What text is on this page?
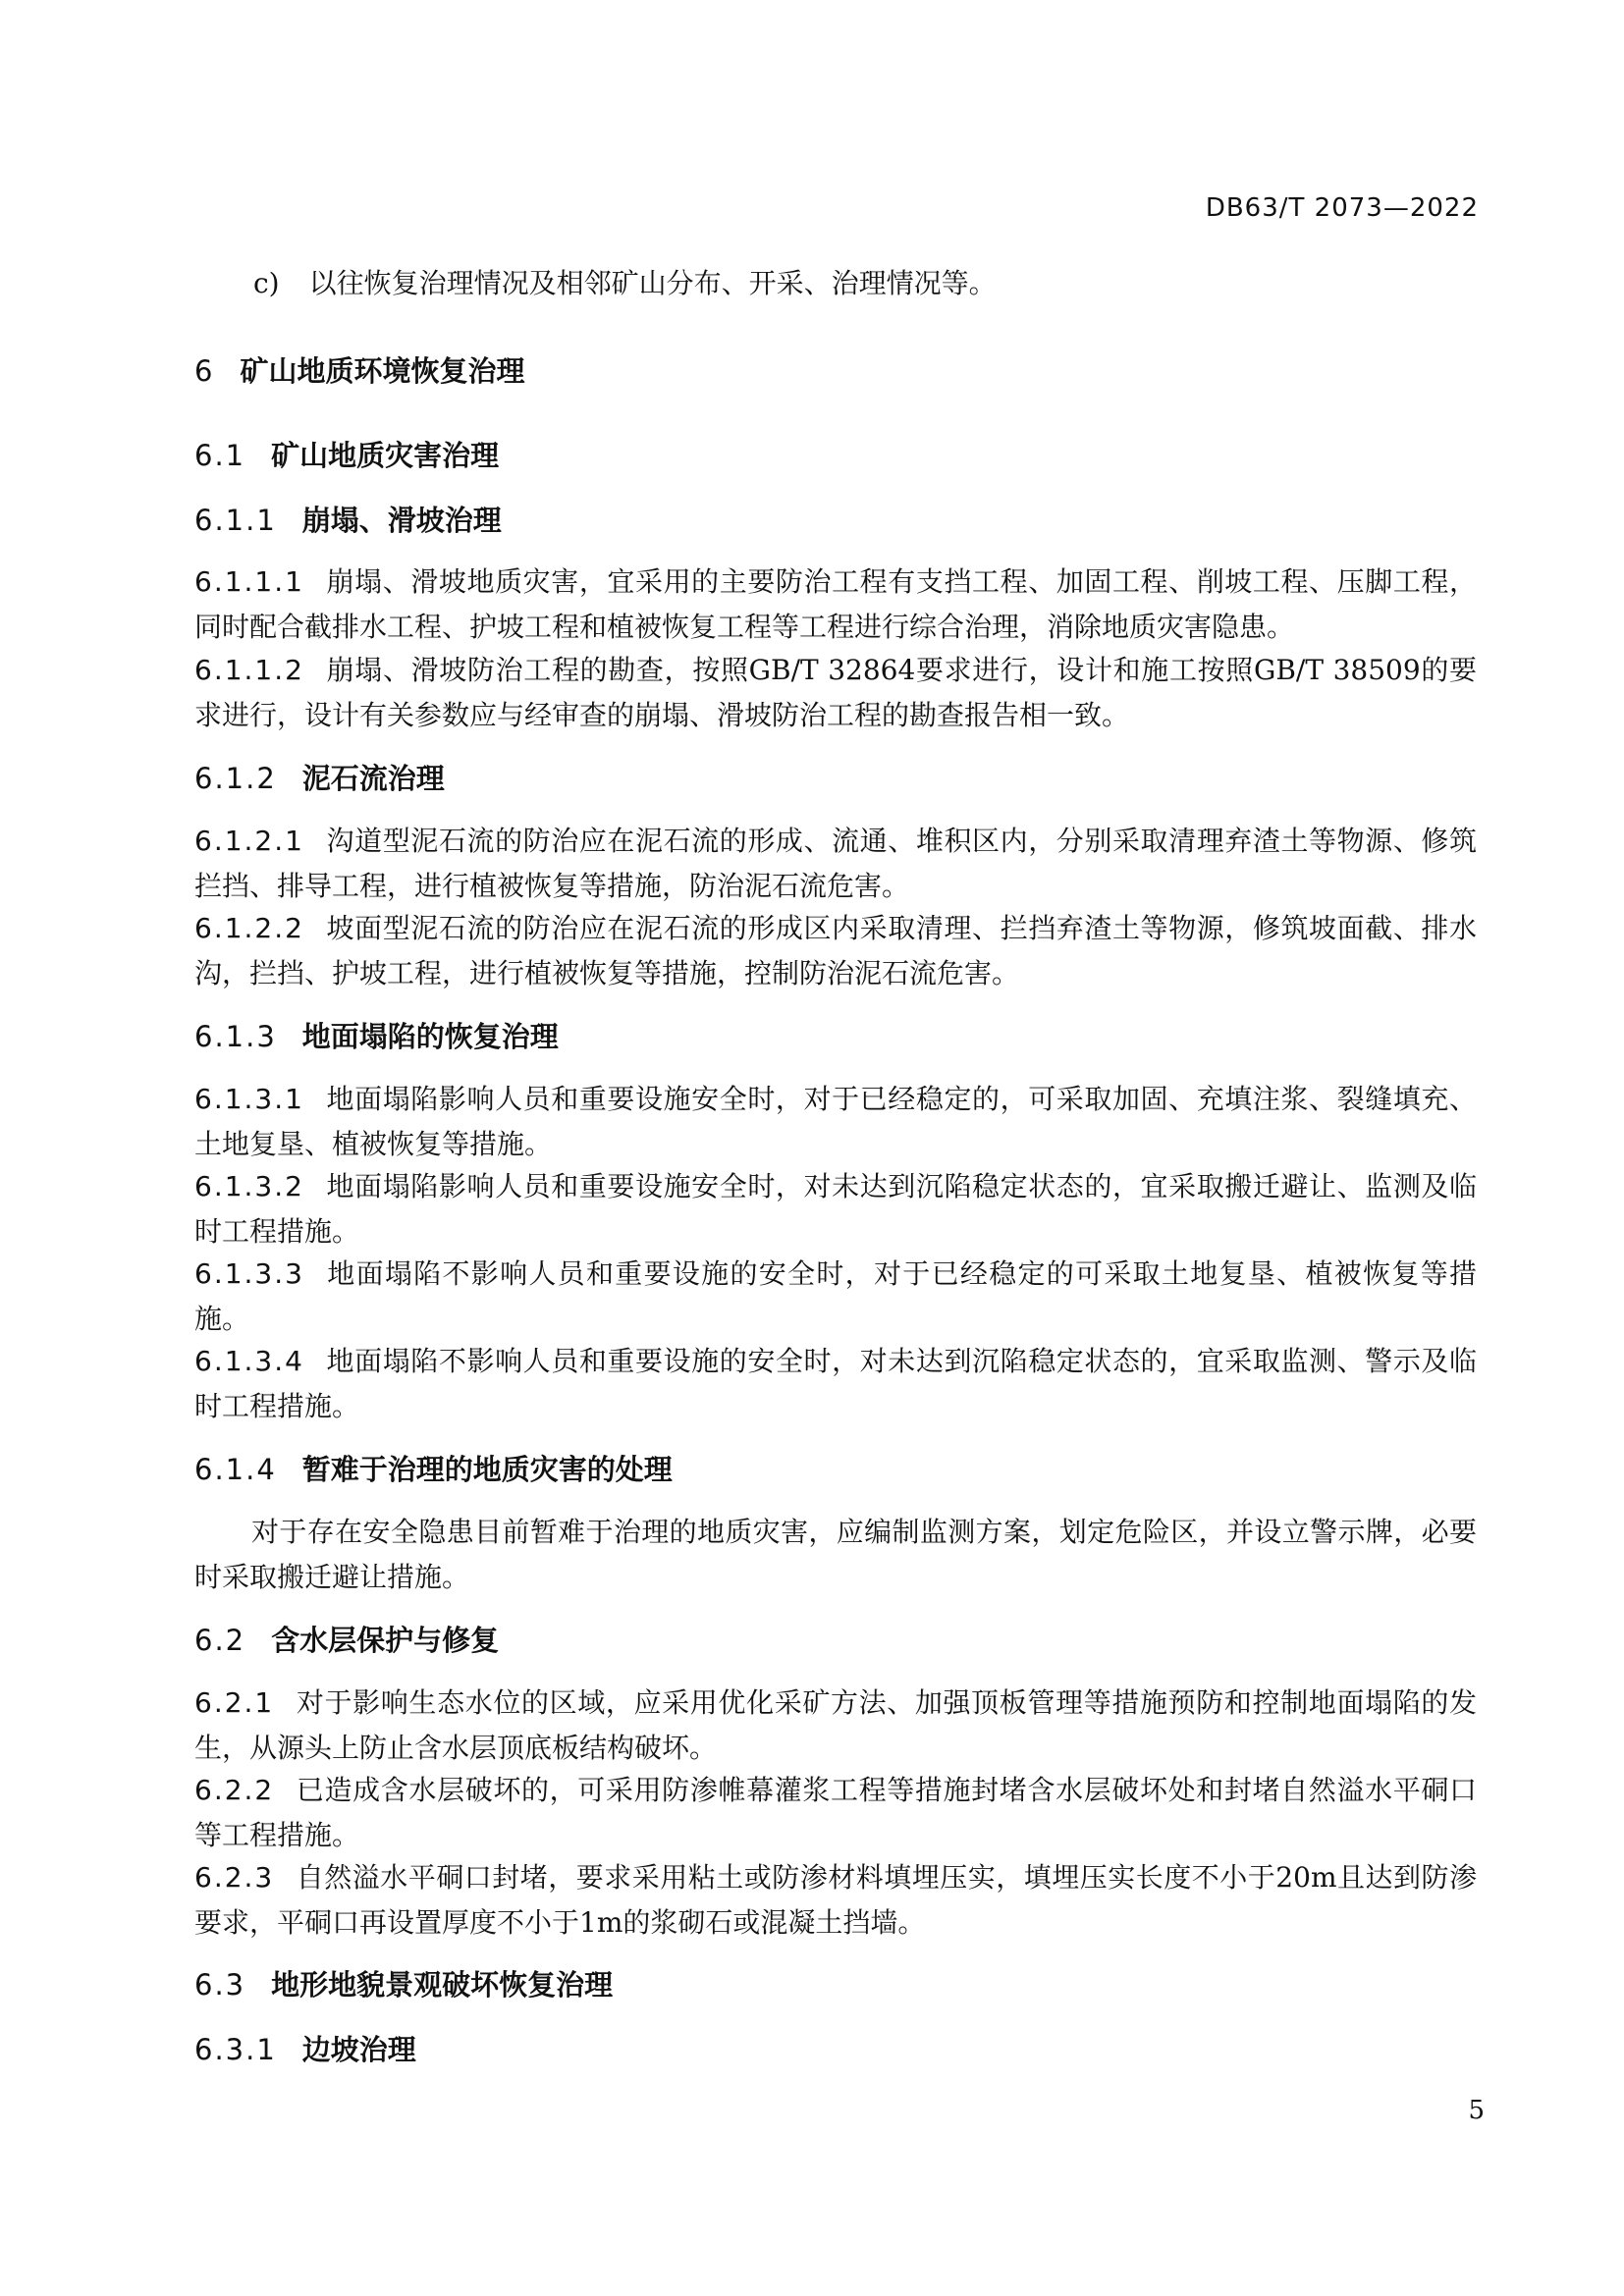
DB63/T 2073—2022
c) 以往恢复治理情况及相邻矿山分布、开采、治理情况等。
6 矿山地质环境恢复治理
6.1 矿山地质灾害治理
6.1.1 崩塌、滑坡治理
6.1.1.1 崩塌、滑坡地质灾害，宜采用的主要防治工程有支挡工程、加固工程、削坡工程、压脚工程，同时配合截排水工程、护坡工程和植被恢复工程等工程进行综合治理，消除地质灾害隐患。
6.1.1.2 崩塌、滑坡防治工程的勘查，按照GB/T 32864要求进行，设计和施工按照GB/T 38509的要求进行，设计有关参数应与经审查的崩塌、滑坡防治工程的勘查报告相一致。
6.1.2 泥石流治理
6.1.2.1 沟道型泥石流的防治应在泥石流的形成、流通、堆积区内，分别采取清理弃渣土等物源、修筑拦挡、排导工程，进行植被恢复等措施，防治泥石流危害。
6.1.2.2 坡面型泥石流的防治应在泥石流的形成区内采取清理、拦挡弃渣土等物源，修筑坡面截、排水沟，拦挡、护坡工程，进行植被恢复等措施，控制防治泥石流危害。
6.1.3 地面塌陷的恢复治理
6.1.3.1 地面塌陷影响人员和重要设施安全时，对于已经稳定的，可采取加固、充填注浆、裂缝填充、土地复垦、植被恢复等措施。
6.1.3.2 地面塌陷影响人员和重要设施安全时，对未达到沉陷稳定状态的，宜采取搬迁避让、监测及临时工程措施。
6.1.3.3 地面塌陷不影响人员和重要设施的安全时，对于已经稳定的可采取土地复垦、植被恢复等措施。
6.1.3.4 地面塌陷不影响人员和重要设施的安全时，对未达到沉陷稳定状态的，宜采取监测、警示及临时工程措施。
6.1.4 暂难于治理的地质灾害的处理
对于存在安全隐患目前暂难于治理的地质灾害，应编制监测方案，划定危险区，并设立警示牌，必要时采取搬迁避让措施。
6.2 含水层保护与修复
6.2.1 对于影响生态水位的区域，应采用优化采矿方法、加强顶板管理等措施预防和控制地面塌陷的发生，从源头上防止含水层顶底板结构破坏。
6.2.2 已造成含水层破坏的，可采用防渗帷幕灌浆工程等措施封堵含水层破坏处和封堵自然溢水平硐口等工程措施。
6.2.3 自然溢水平硐口封堵，要求采用粘土或防渗材料填埋压实，填埋压实长度不小于20m且达到防渗要求，平硐口再设置厚度不小于1m的浆砌石或混凝土挡墙。
6.3 地形地貌景观破坏恢复治理
6.3.1 边坡治理
5
